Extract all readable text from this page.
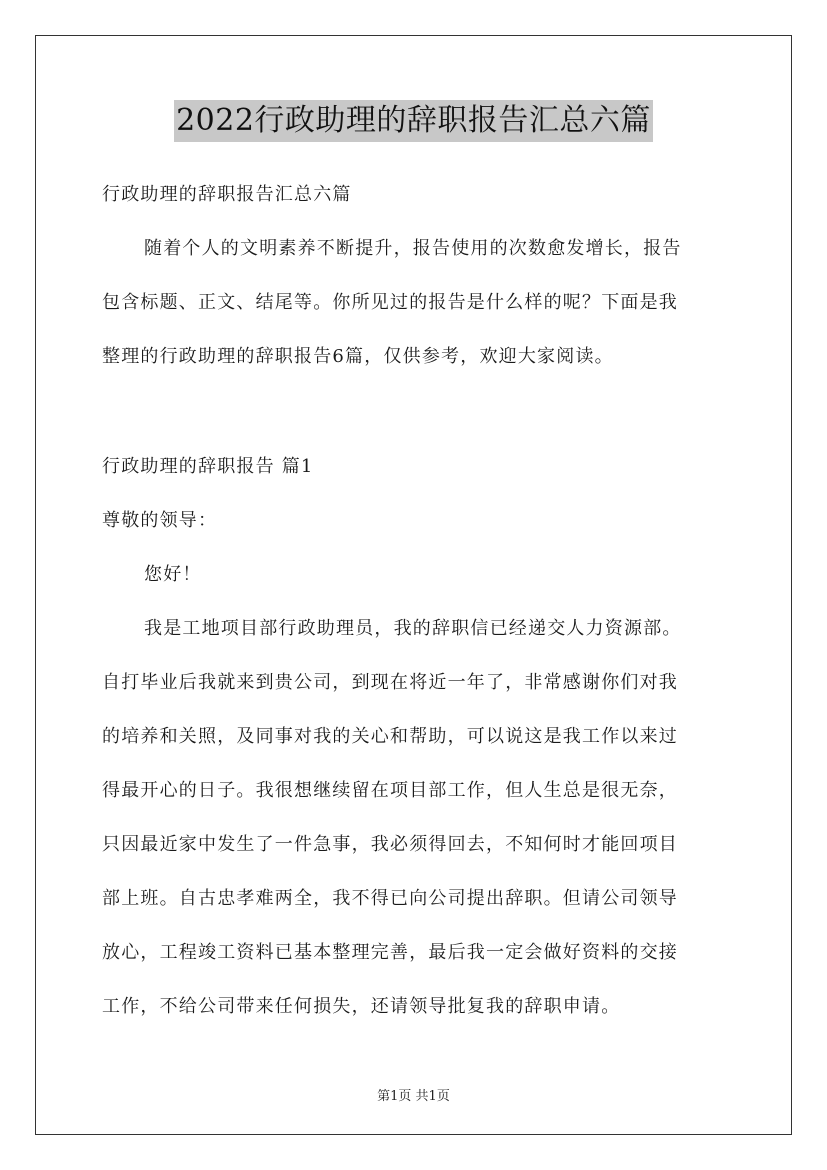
2022行政助理的辞职报告汇总六篇
行政助理的辞职报告汇总六篇
随着个人的文明素养不断提升，报告使用的次数愈发增长，报告
包含标题、正文、结尾等。你所见过的报告是什么样的呢？下面是我
整理的行政助理的辞职报告6篇，仅供参考，欢迎大家阅读。
行政助理的辞职报告 篇1
尊敬的领导：
您好！
我是工地项目部行政助理员，我的辞职信已经递交人力资源部。
自打毕业后我就来到贵公司，到现在将近一年了，非常感谢你们对我
的培养和关照，及同事对我的关心和帮助，可以说这是我工作以来过
得最开心的日子。我很想继续留在项目部工作，但人生总是很无奈，
只因最近家中发生了一件急事，我必须得回去，不知何时才能回项目
部上班。自古忠孝难两全，我不得已向公司提出辞职。但请公司领导
放心，工程竣工资料已基本整理完善，最后我一定会做好资料的交接
工作，不给公司带来任何损失，还请领导批复我的辞职申请。
第1页 共1页
